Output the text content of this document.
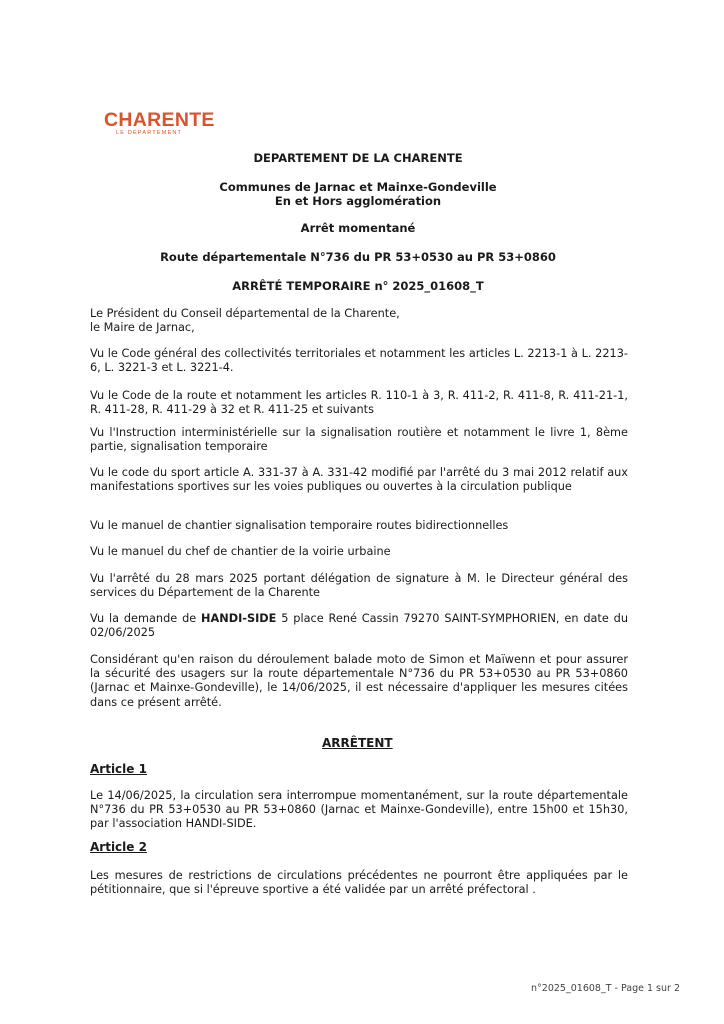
CHARENTE
LE DÉPARTEMENT
DEPARTEMENT DE LA CHARENTE
Communes de Jarnac et Mainxe-Gondeville
En et Hors agglomération
Arrêt momentané
Route départementale N°736 du PR 53+0530 au PR 53+0860
ARRÊTÉ TEMPORAIRE n° 2025_01608_T

Le Président du Conseil départemental de la Charente,

le Maire de Jarnac,

Vu le Code général des collectivités territoriales et notamment les articles L. 2213-1 à L. 2213-6, L. 3221-3 et L. 3221-4.

Vu le Code de la route et notamment les articles R. 110-1 à 3, R. 411-2, R. 411-8, R. 411-21-1, R. 411-28, R. 411-29 à 32 et R. 411-25 et suivants

Vu l'Instruction interministérielle sur la signalisation routière et notamment le livre 1, 8ème partie, signalisation temporaire

Vu le code du sport article A. 331-37 à A. 331-42 modifié par l'arrêté du 3 mai 2012 relatif aux manifestations sportives sur les voies publiques ou ouvertes à la circulation publique

Vu le manuel de chantier signalisation temporaire routes bidirectionnelles

Vu le manuel du chef de chantier de la voirie urbaine

Vu l'arrêté du 28 mars 2025 portant délégation de signature à M. le Directeur général des services du Département de la Charente

Vu la demande de HANDI-SIDE 5 place René Cassin 79270 SAINT-SYMPHORIEN, en date du 02/06/2025

Considérant qu'en raison du déroulement balade moto de Simon et Maïwenn et pour assurer la sécurité des usagers sur la route départementale N°736 du PR 53+0530 au PR 53+0860 (Jarnac et Mainxe-Gondeville), le 14/06/2025, il est nécessaire d'appliquer les mesures citées dans ce présent arrêté.

ARRÊTENT
Article 1
Le 14/06/2025, la circulation sera interrompue momentanément, sur la route départementale N°736 du PR 53+0530 au PR 53+0860 (Jarnac et Mainxe-Gondeville), entre 15h00 et 15h30, par l'association HANDI-SIDE.
Article 2
Les mesures de restrictions de circulations précédentes ne pourront être appliquées par le pétitionnaire, que si l'épreuve sportive a été validée par un arrêté préfectoral .
n°2025_01608_T - Page 1 sur 2
